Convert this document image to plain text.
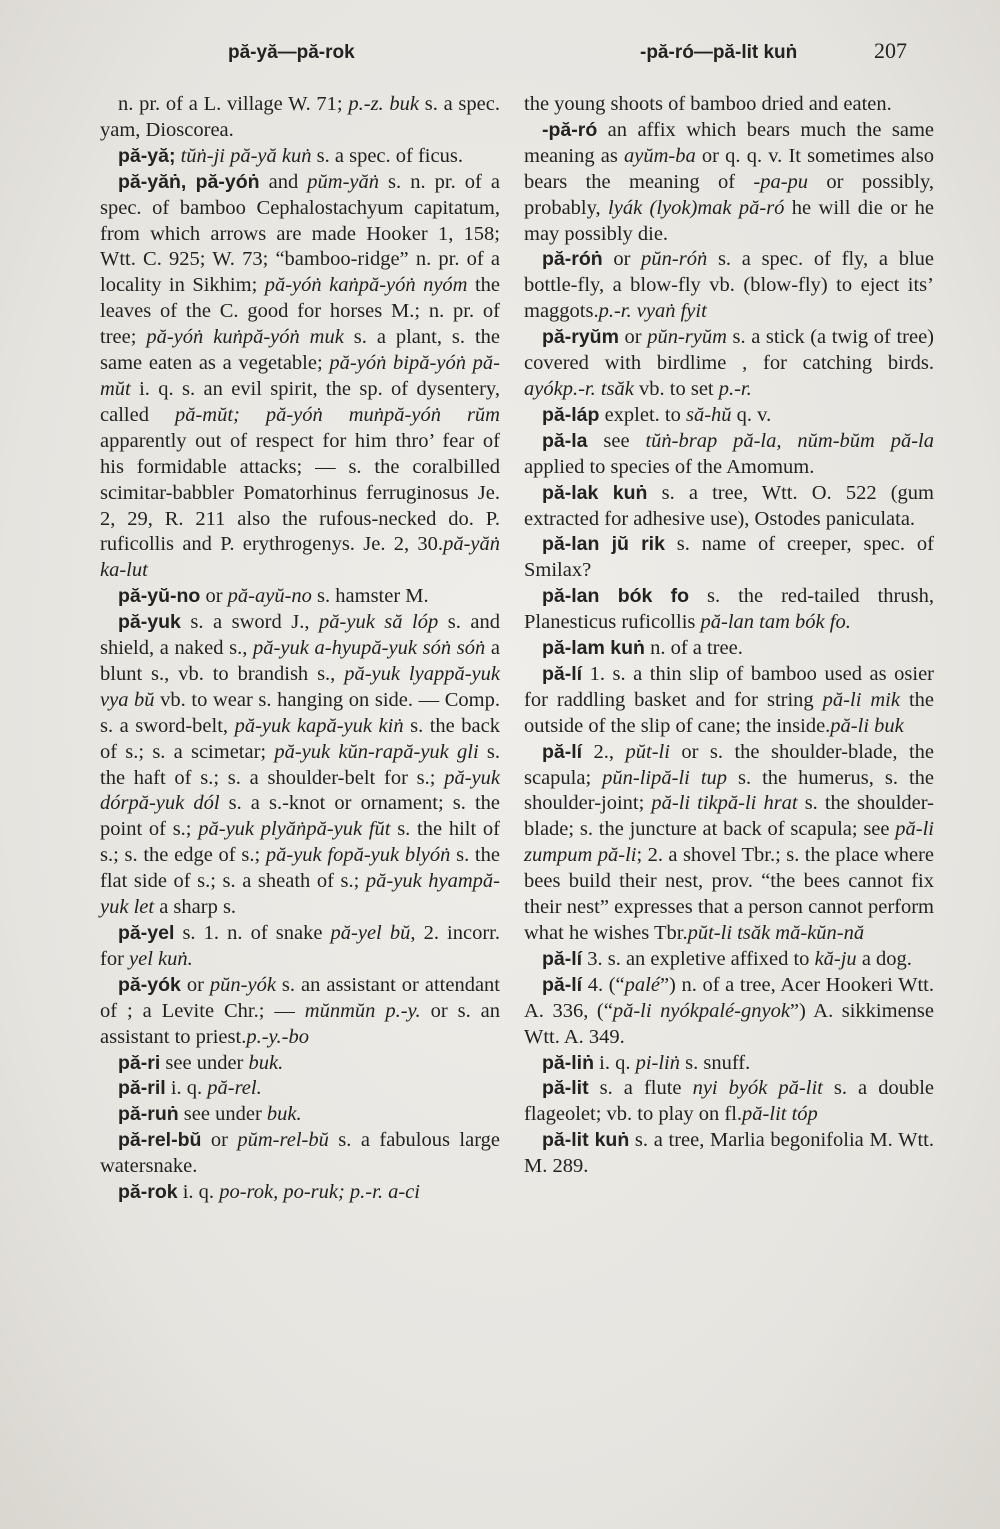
pă-yă—pă-rok	-pă-ró—pă-lit kuṅ	207

n. pr. of a L. village W. 71; p.-z. buk s. a spec. yam, Dioscorea.

pă-yă; tŭṅ-ji pă-yă kuṅ s. a spec. of ficus.

pă-yăṅ, pă-yóṅ and pŭm-yăṅ s. n. pr. of a spec. of bamboo Cephalostachyum capitatum, from which arrows are made Hooker 1, 158; Wtt. C. 925; W. 73; “bamboo-ridge” n. pr. of a locality in Sikhim; pă-yóṅ kaṅpă-yóṅ nyóm the leaves of the C. good for horses M.; n. pr. of tree; pă-yóṅ kuṅpă-yóṅ muk s. a plant, s. the same eaten as a vegetable; pă-yóṅ bipă-yóṅ pă-mŭt i. q. s. an evil spirit, the sp. of dysentery, called pă-mŭt; pă-yóṅ muṅpă-yóṅ rŭm apparently out of respect for him thro’ fear of his formidable attacks; — s. the coralbilled scimitar-babbler Pomatorhinus ferruginosus Je. 2, 29, R. 211 also the rufous-necked do. P. ruficollis and P. erythrogenys. Je. 2, 30.pă-yăṅ ka-lut

pă-yŭ-no or pă-ayŭ-no s. hamster M.

pă-yuk s. a sword J., pă-yuk să lóp s. and shield, a naked s., pă-yuk a-hyupă-yuk sóṅ sóṅ a blunt s., vb. to brandish s., pă-yuk lyappă-yuk vya bŭ vb. to wear s. hanging on side. — Comp. s. a sword-belt, pă-yuk kapă-yuk kiṅ s. the back of s.; s. a scimetar; pă-yuk kŭn-rapă-yuk gli s. the haft of s.; s. a shoulder-belt for s.; pă-yuk dórpă-yuk dól s. a s.-knot or ornament; s. the point of s.; pă-yuk plyăṅpă-yuk fŭt s. the hilt of s.; s. the edge of s.; pă-yuk fopă-yuk blyóṅ s. the flat side of s.; s. a sheath of s.; pă-yuk hyampă-yuk let a sharp s.

pă-yel s. 1. n. of snake pă-yel bŭ, 2. incorr. for yel kuṅ.

pă-yók or pŭn-yók s. an assistant or attendant of ; a Levite Chr.; — mŭnmŭn p.-y. or s. an assistant to priest.p.-y.-bo

pă-ri see under buk.

pă-ril i. q. pă-rel.

pă-ruṅ see under buk.

pă-rel-bŭ or pŭm-rel-bŭ s. a fabulous large watersnake.

pă-rok i. q. po-rok, po-ruk; p.-r. a-ci

the young shoots of bamboo dried and eaten.

-pă-ró an affix which bears much the same meaning as ayŭm-ba or q. q. v. It sometimes also bears the meaning of -pa-pu or possibly, probably, lyák (lyok)mak pă-ró he will die or he may possibly die.

pă-róṅ or pŭn-róṅ s. a spec. of fly, a blue bottle-fly, a blow-fly vb. (blow-fly) to eject its’ maggots.p.-r. vyaṅ fyit

pă-ryŭm or pŭn-ryŭm s. a stick (a twig of tree) covered with birdlime , for catching birds. ayókp.-r. tsăk vb. to set p.-r.

pă-láp explet. to să-hŭ q. v.

pă-la see tŭṅ-brap pă-la, nŭm-bŭm pă-la applied to species of the Amomum.

pă-lak kuṅ s. a tree, Wtt. O. 522 (gum extracted for adhesive use), Ostodes paniculata.

pă-lan jŭ rik s. name of creeper, spec. of Smilax?

pă-lan bók fo s. the red-tailed thrush, Planesticus ruficollis pă-lan tam bók fo.

pă-lam kuṅ n. of a tree.

pă-lí 1. s. a thin slip of bamboo used as osier for raddling basket and for string pă-li mik the outside of the slip of cane; the inside.pă-li buk

pă-lí 2., pŭt-li or s. the shoulder-blade, the scapula; pŭn-lipă-li tup s. the humerus, s. the shoulder-joint; pă-li tikpă-li hrat s. the shoulder-blade; s. the juncture at back of scapula; see pă-li zumpum pă-li; 2. a shovel Tbr.; s. the place where bees build their nest, prov. “the bees cannot fix their nest” expresses that a person cannot perform what he wishes Tbr.pŭt-li tsăk mă-kŭn-nă

pă-lí 3. s. an expletive affixed to kă-ju a dog.

pă-lí 4. (“palé”) n. of a tree, Acer Hookeri Wtt. A. 336, (“pă-li nyókpalé-gnyok”) A. sikkimense Wtt. A. 349.

pă-liṅ i. q. pi-liṅ s. snuff.

pă-lit s. a flute nyi byók pă-lit s. a double flageolet; vb. to play on fl.pă-lit tóp

pă-lit kuṅ s. a tree, Marlia begonifolia M. Wtt. M. 289.
